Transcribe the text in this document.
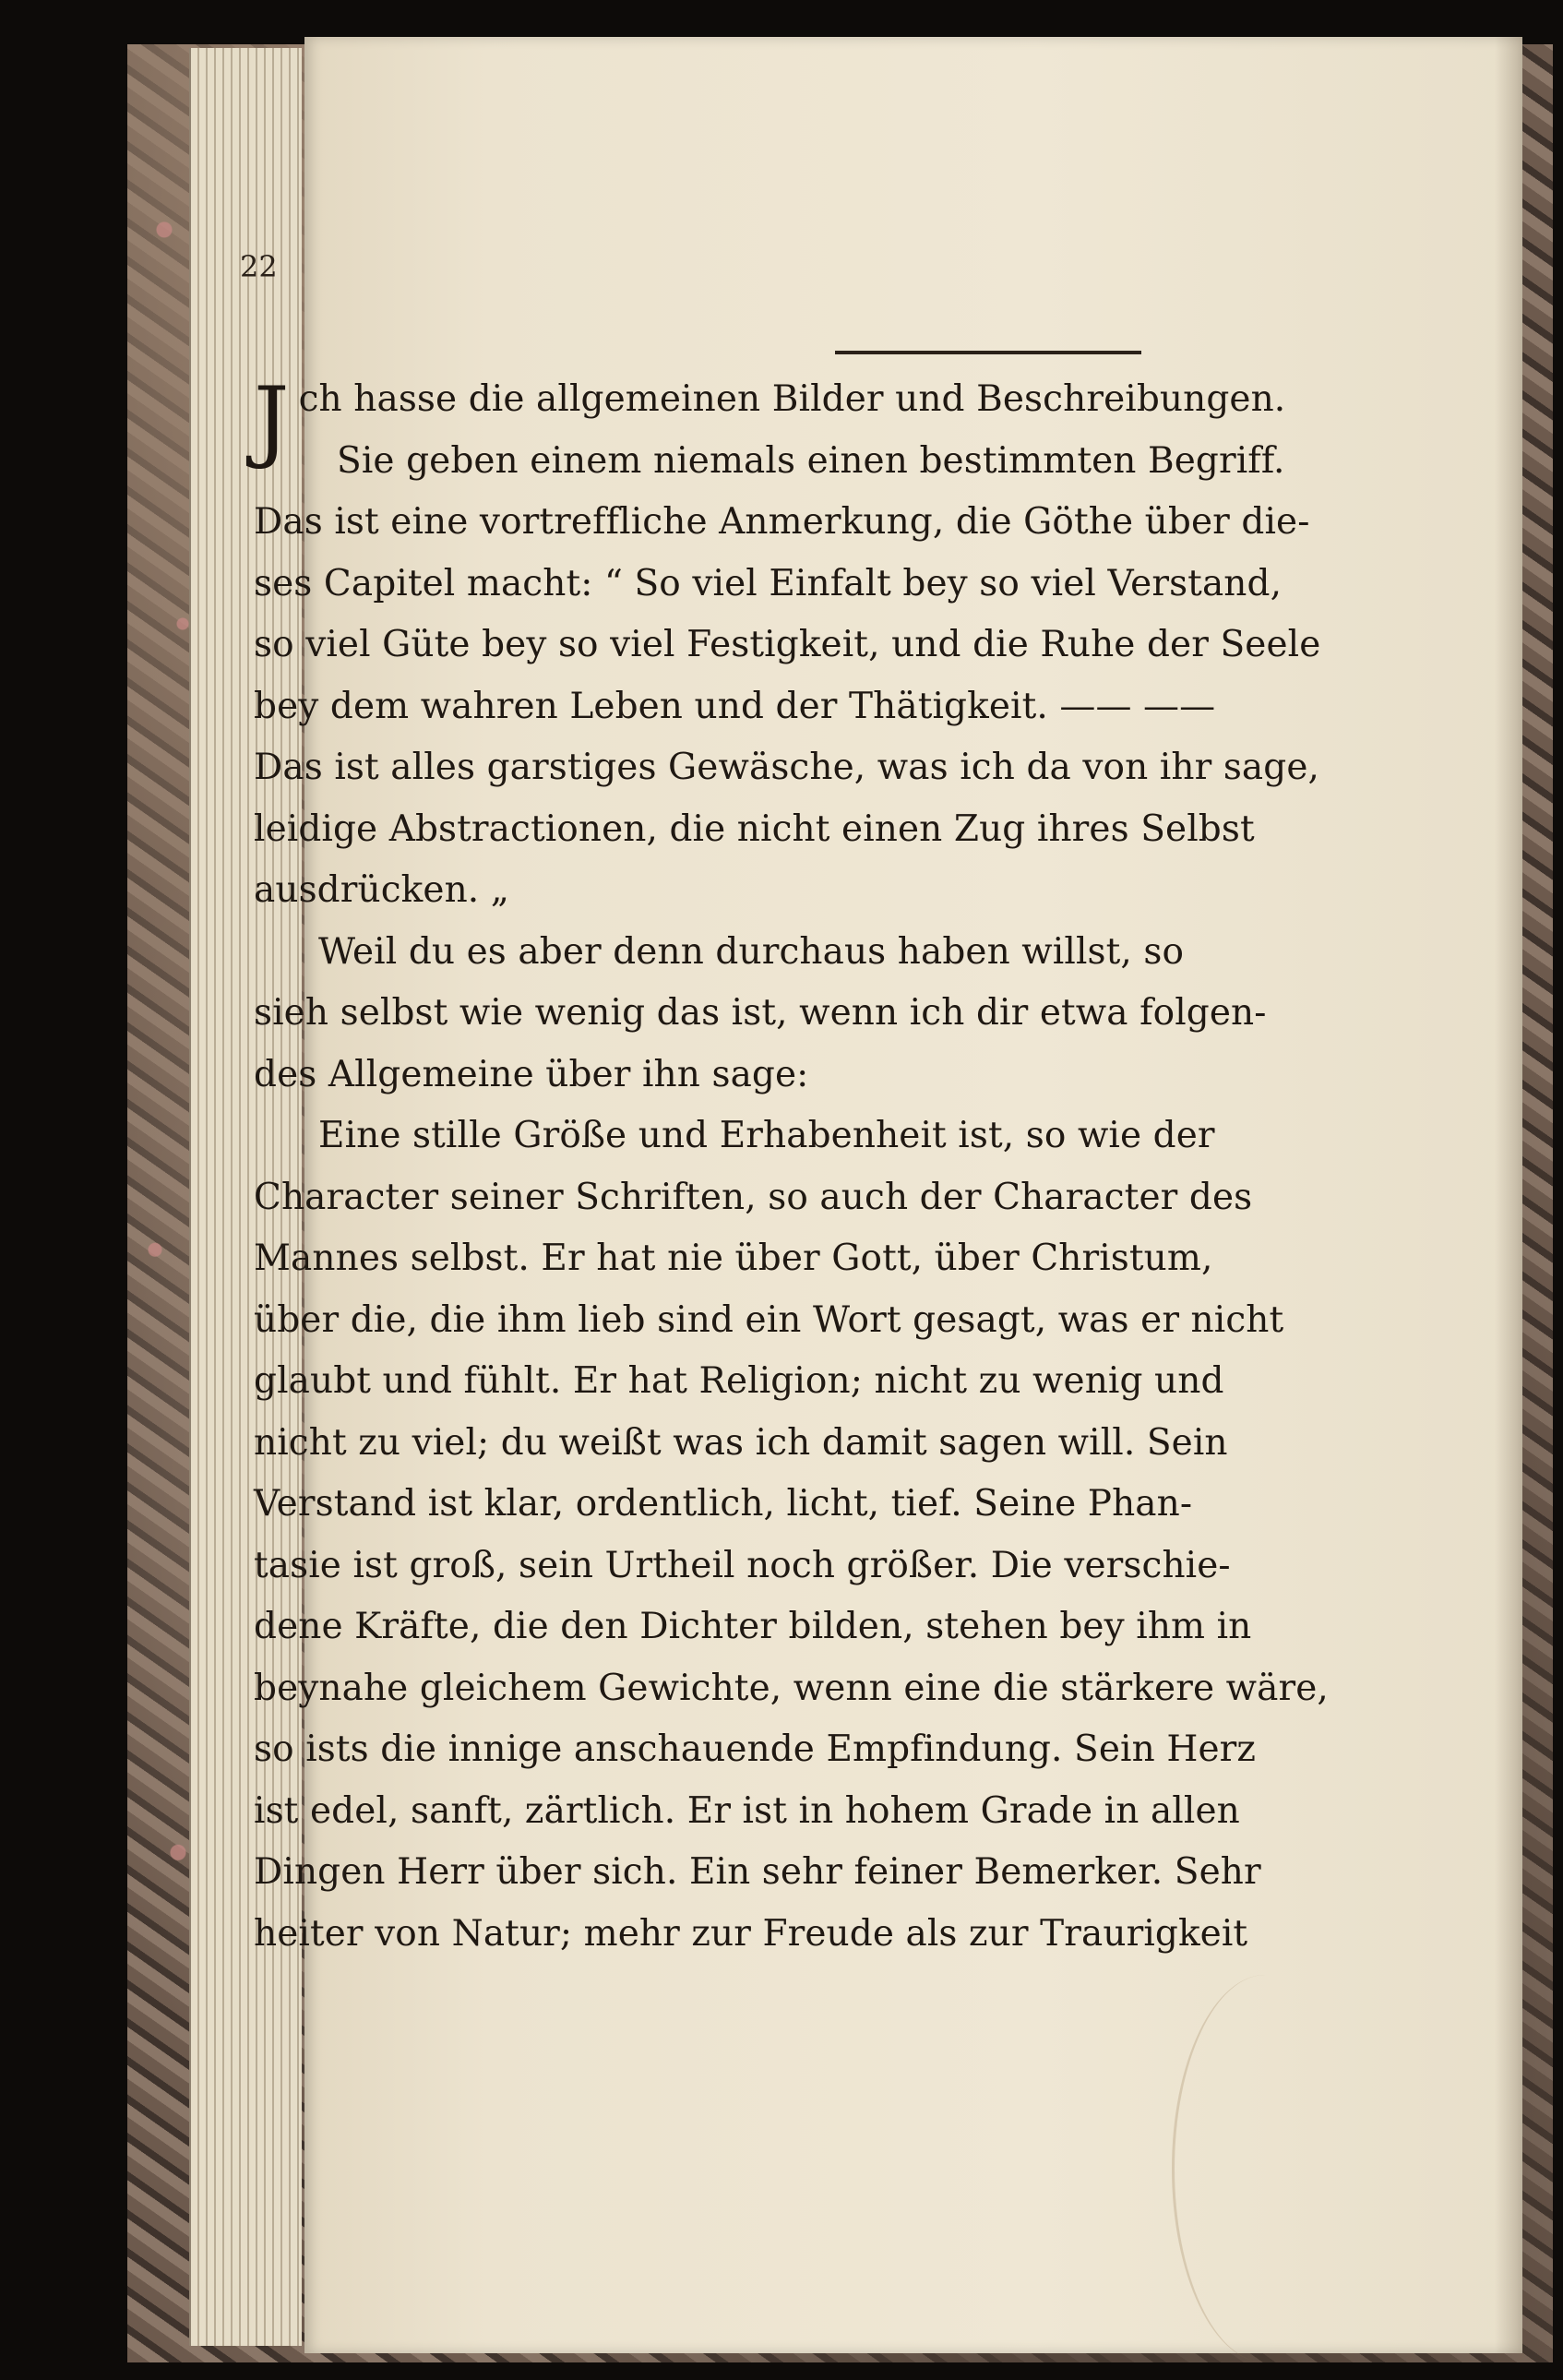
22
Jch hasse die allgemeinen Bilder und Beschreibungen.
Sie geben einem niemals einen bestimmten Begriff.
Das ist eine vortreffliche Anmerkung, die Göthe über die-
ses Capitel macht: “ So viel Einfalt bey so viel Verstand,
so viel Güte bey so viel Festigkeit, und die Ruhe der Seele
bey dem wahren Leben und der Thätigkeit. —— ——
Das ist alles garstiges Gewäsche, was ich da von ihr sage,
leidige Abstractionen, die nicht einen Zug ihres Selbst
ausdrücken. „
Weil du es aber denn durchaus haben willst, so
sieh selbst wie wenig das ist, wenn ich dir etwa folgen-
des Allgemeine über ihn sage:
Eine stille Größe und Erhabenheit ist, so wie der
Character seiner Schriften, so auch der Character des
Mannes selbst. Er hat nie über Gott, über Christum,
über die, die ihm lieb sind ein Wort gesagt, was er nicht
glaubt und fühlt. Er hat Religion; nicht zu wenig und
nicht zu viel; du weißt was ich damit sagen will. Sein
Verstand ist klar, ordentlich, licht, tief. Seine Phan-
tasie ist groß, sein Urtheil noch größer. Die verschie-
dene Kräfte, die den Dichter bilden, stehen bey ihm in
beynahe gleichem Gewichte, wenn eine die stärkere wäre,
so ists die innige anschauende Empfindung. Sein Herz
ist edel, sanft, zärtlich. Er ist in hohem Grade in allen
Dingen Herr über sich. Ein sehr feiner Bemerker. Sehr
heiter von Natur; mehr zur Freude als zur Traurigkeit
